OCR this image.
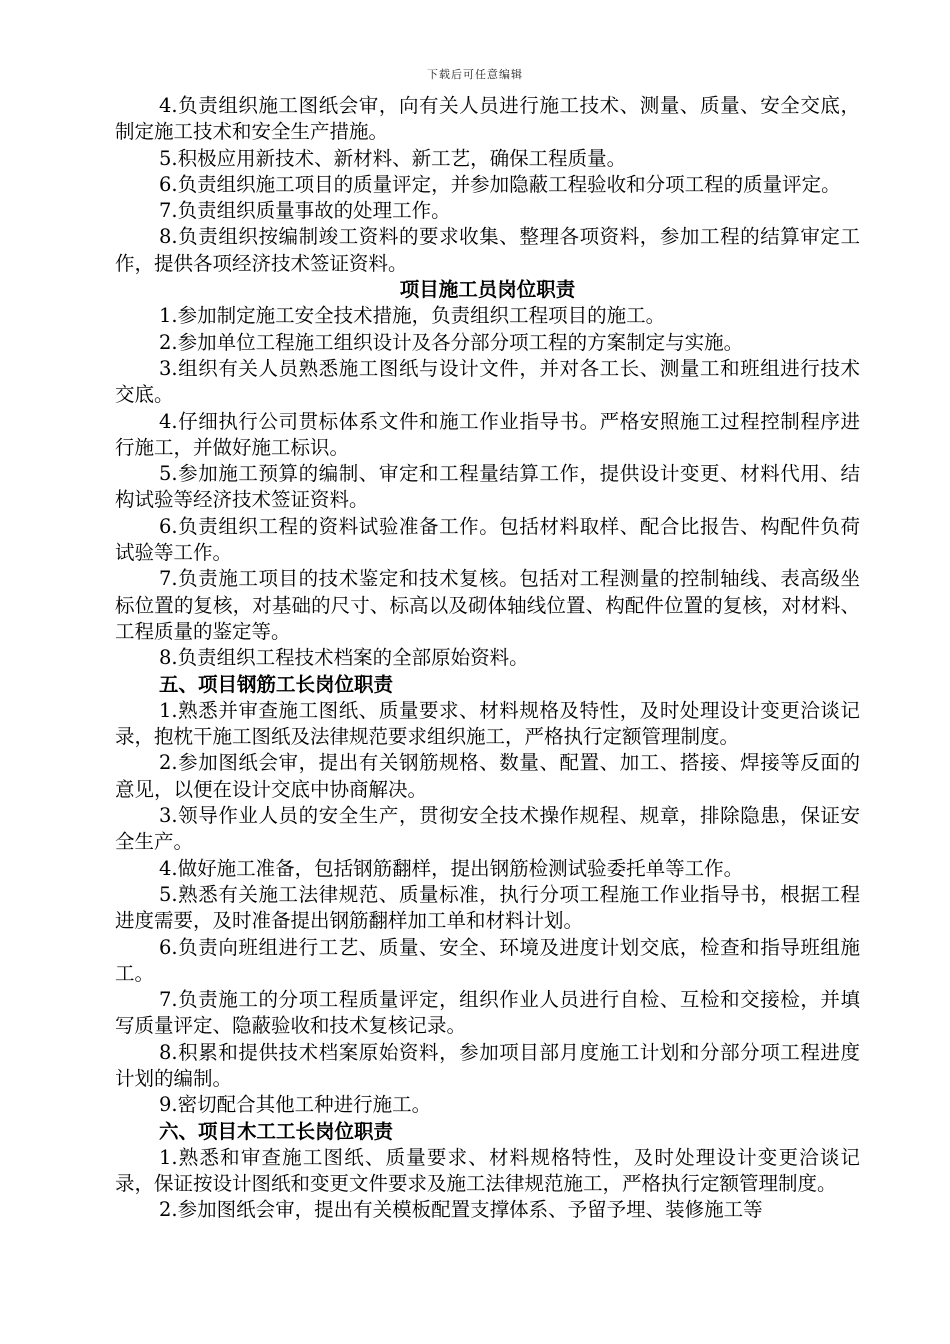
下载后可任意编辑

4.负责组织施工图纸会审，向有关人员进行施工技术、测量、质量、安全交底，制定施工技术和安全生产措施。

5.积极应用新技术、新材料、新工艺，确保工程质量。

6.负责组织施工项目的质量评定，并参加隐蔽工程验收和分项工程的质量评定。

7.负责组织质量事故的处理工作。

8.负责组织按编制竣工资料的要求收集、整理各项资料，参加工程的结算审定工作，提供各项经济技术签证资料。

项目施工员岗位职责

1.参加制定施工安全技术措施，负责组织工程项目的施工。

2.参加单位工程施工组织设计及各分部分项工程的方案制定与实施。

3.组织有关人员熟悉施工图纸与设计文件，并对各工长、测量工和班组进行技术交底。

4.仔细执行公司贯标体系文件和施工作业指导书。严格安照施工过程控制程序进行施工，并做好施工标识。

5.参加施工预算的编制、审定和工程量结算工作，提供设计变更、材料代用、结构试验等经济技术签证资料。

6.负责组织工程的资料试验准备工作。包括材料取样、配合比报告、构配件负荷试验等工作。

7.负责施工项目的技术鉴定和技术复核。包括对工程测量的控制轴线、表高级坐标位置的复核，对基础的尺寸、标高以及砌体轴线位置、构配件位置的复核，对材料、工程质量的鉴定等。

8.负责组织工程技术档案的全部原始资料。

五、项目钢筋工长岗位职责

1.熟悉并审查施工图纸、质量要求、材料规格及特性，及时处理设计变更洽谈记录，抱枕干施工图纸及法律规范要求组织施工，严格执行定额管理制度。

2.参加图纸会审，提出有关钢筋规格、数量、配置、加工、搭接、焊接等反面的意见，以便在设计交底中协商解决。

3.领导作业人员的安全生产，贯彻安全技术操作规程、规章，排除隐患，保证安全生产。

4.做好施工准备，包括钢筋翻样，提出钢筋检测试验委托单等工作。

5.熟悉有关施工法律规范、质量标准，执行分项工程施工作业指导书，根据工程进度需要，及时准备提出钢筋翻样加工单和材料计划。

6.负责向班组进行工艺、质量、安全、环境及进度计划交底，检查和指导班组施工。

7.负责施工的分项工程质量评定，组织作业人员进行自检、互检和交接检，并填写质量评定、隐蔽验收和技术复核记录。

8.积累和提供技术档案原始资料，参加项目部月度施工计划和分部分项工程进度计划的编制。

9.密切配合其他工种进行施工。

六、项目木工工长岗位职责

1.熟悉和审查施工图纸、质量要求、材料规格特性，及时处理设计变更洽谈记录，保证按设计图纸和变更文件要求及施工法律规范施工，严格执行定额管理制度。

2.参加图纸会审，提出有关模板配置支撑体系、予留予埋、装修施工等
